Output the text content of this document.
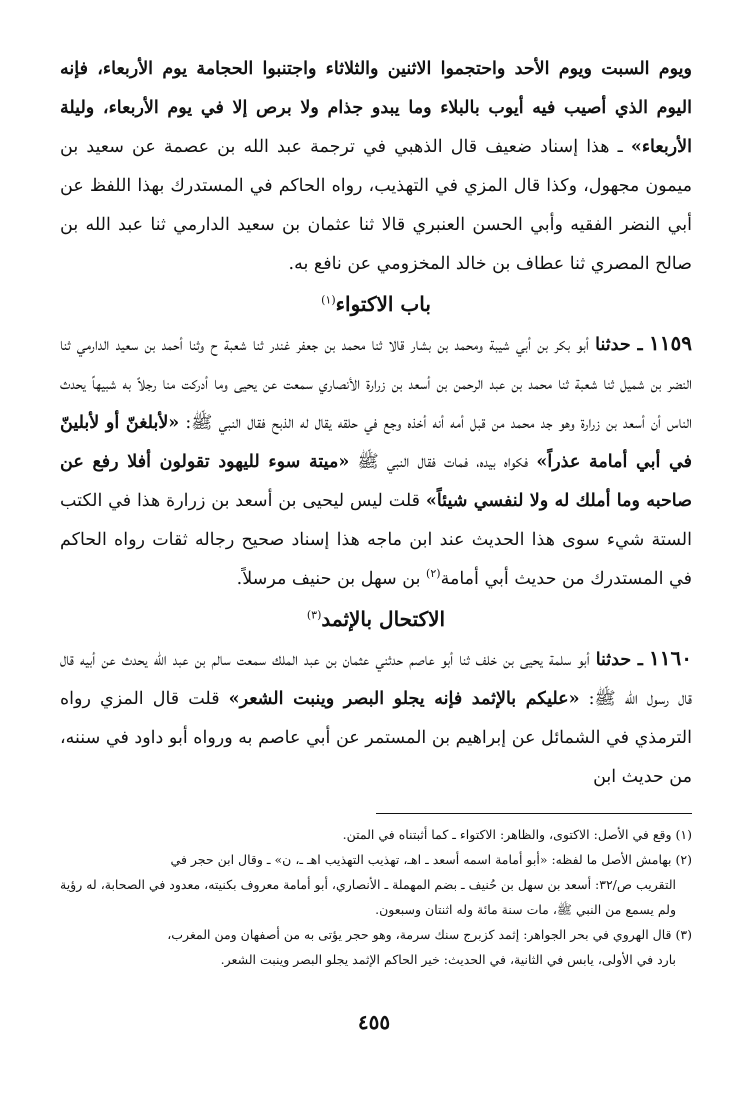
ويوم السبت ويوم الأحد واحتجموا الاثنين والثلاثاء واجتنبوا الحجامة يوم الأربعاء، فإنه اليوم الذي أصيب فيه أيوب بالبلاء وما يبدو جذام ولا برص إلا في يوم الأربعاء، وليلة الأربعاء» ـ هذا إسناد ضعيف قال الذهبي في ترجمة عبد الله بن عصمة عن سعيد بن ميمون مجهول، وكذا قال المزي في التهذيب، رواه الحاكم في المستدرك بهذا اللفظ عن أبي النضر الفقيه وأبي الحسن العنبري قالا ثنا عثمان بن سعيد الدارمي ثنا عبد الله بن صالح المصري ثنا عطاف بن خالد المخزومي عن نافع به.

باب الاكتواء$^{(١)}$

١١٥٩ ـ حدثنا أبو بكر بن أبي شيبة ومحمد بن بشار قالا ثنا محمد بن جعفر غندر ثنا شعبة ح وثنا أحمد بن سعيد الدارمي ثنا النضر بن شميل ثنا شعبة ثنا محمد بن عبد الرحمن بن أسعد بن زرارة الأنصاري سمعت عن يحيى وما أدركت منا رجلاً به شبيهاً يحدث الناس أن أسعد بن زرارة وهو جد محمد من قبل أمه أنه أخذه وجع في حلقه يقال له الذبح فقال النبي ﷺ: «لأبلغنّ أو لأبلينّ في أبي أمامة عذراً» فكواه بيده، فمات فقال النبي ﷺ «ميتة سوء لليهود تقولون أفلا رفع عن صاحبه وما أملك له ولا لنفسي شيئاً» قلت ليس ليحيى بن أسعد بن زرارة هذا في الكتب الستة شيء سوى هذا الحديث عند ابن ماجه هذا إسناد صحيح رجاله ثقات رواه الحاكم في المستدرك من حديث أبي أمامة$^{(٢)}$ بن سهل بن حنيف مرسلاً.

الاكتحال بالإثمد$^{(٣)}$

١١٦٠ ـ حدثنا أبو سلمة يحيى بن خلف ثنا أبو عاصم حدثني عثمان بن عبد الملك سمعت سالم بن عبد الله يحدث عن أبيه قال قال رسول الله ﷺ: «عليكم بالإثمد فإنه يجلو البصر وينبت الشعر» قلت قال المزي رواه الترمذي في الشمائل عن إبراهيم بن المستمر عن أبي عاصم به ورواه أبو داود في سننه، من حديث ابن

(١) وقع في الأصل: الاكتوى، والظاهر: الاكتواء ـ كما أثبتناه في المتن.

(٢) بهامش الأصل ما لفظه: «أبو أمامة اسمه أسعد ـ اهـ، تهذيب التهذيب اهـ ـ، ن» ـ وقال ابن حجر في

التقريب ص/٣٢: أسعد بن سهل بن حُنيف ـ بضم المهملة ـ الأنصاري، أبو أمامة معروف بكنيته، معدود في الصحابة، له رؤية ولم يسمع من النبي ﷺ، مات سنة مائة وله اثنتان وسبعون.

(٣) قال الهروي في بحر الجواهر: إثمد كزبرج سنك سرمة، وهو حجر يؤتى به من أصفهان ومن المغرب،

بارد في الأولى، يابس في الثانية، في الحديث: خير الحاكم الإثمد يجلو البصر وينبت الشعر.

٤٥٥
